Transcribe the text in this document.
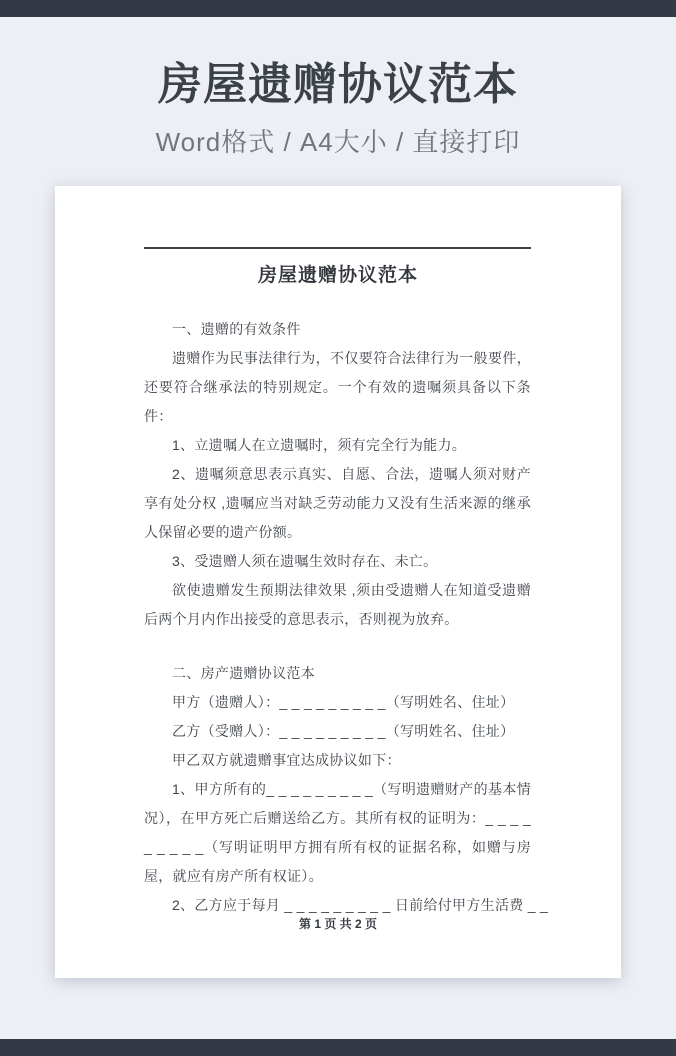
房屋遗赠协议范本
Word格式 / A4大小 / 直接打印
房屋遗赠协议范本
一、遗赠的有效条件
遗赠作为民事法律行为，不仅要符合法律行为一般要件，还要符合继承法的特别规定。一个有效的遗嘱须具备以下条件：
1、立遗嘱人在立遗嘱时，须有完全行为能力。
2、遗嘱须意思表示真实、自愿、合法，遗嘱人须对财产享有处分权 ,遗嘱应当对缺乏劳动能力又没有生活来源的继承人保留必要的遗产份额。
3、受遗赠人须在遗嘱生效时存在、未亡。
欲使遗赠发生预期法律效果 ,须由受遗赠人在知道受遗赠后两个月内作出接受的意思表示，否则视为放弃。
二、房产遗赠协议范本
甲方（遗赠人）：_ _ _ _ _ _ _ _ _（写明姓名、住址）
乙方（受赠人）：_ _ _ _ _ _ _ _ _（写明姓名、住址）
甲乙双方就遗赠事宜达成协议如下：
1、甲方所有的_ _ _ _ _ _ _ _ _（写明遗赠财产的基本情况），在甲方死亡后赠送给乙方。其所有权的证明为：_ _ _ _ _ _ _ _ _（写明证明甲方拥有所有权的证据名称，如赠与房屋，就应有房产所有权证）。
2、乙方应于每月 _ _ _ _ _ _ _ _ _ 日前给付甲方生活费 _ _
第 1 页 共 2 页
